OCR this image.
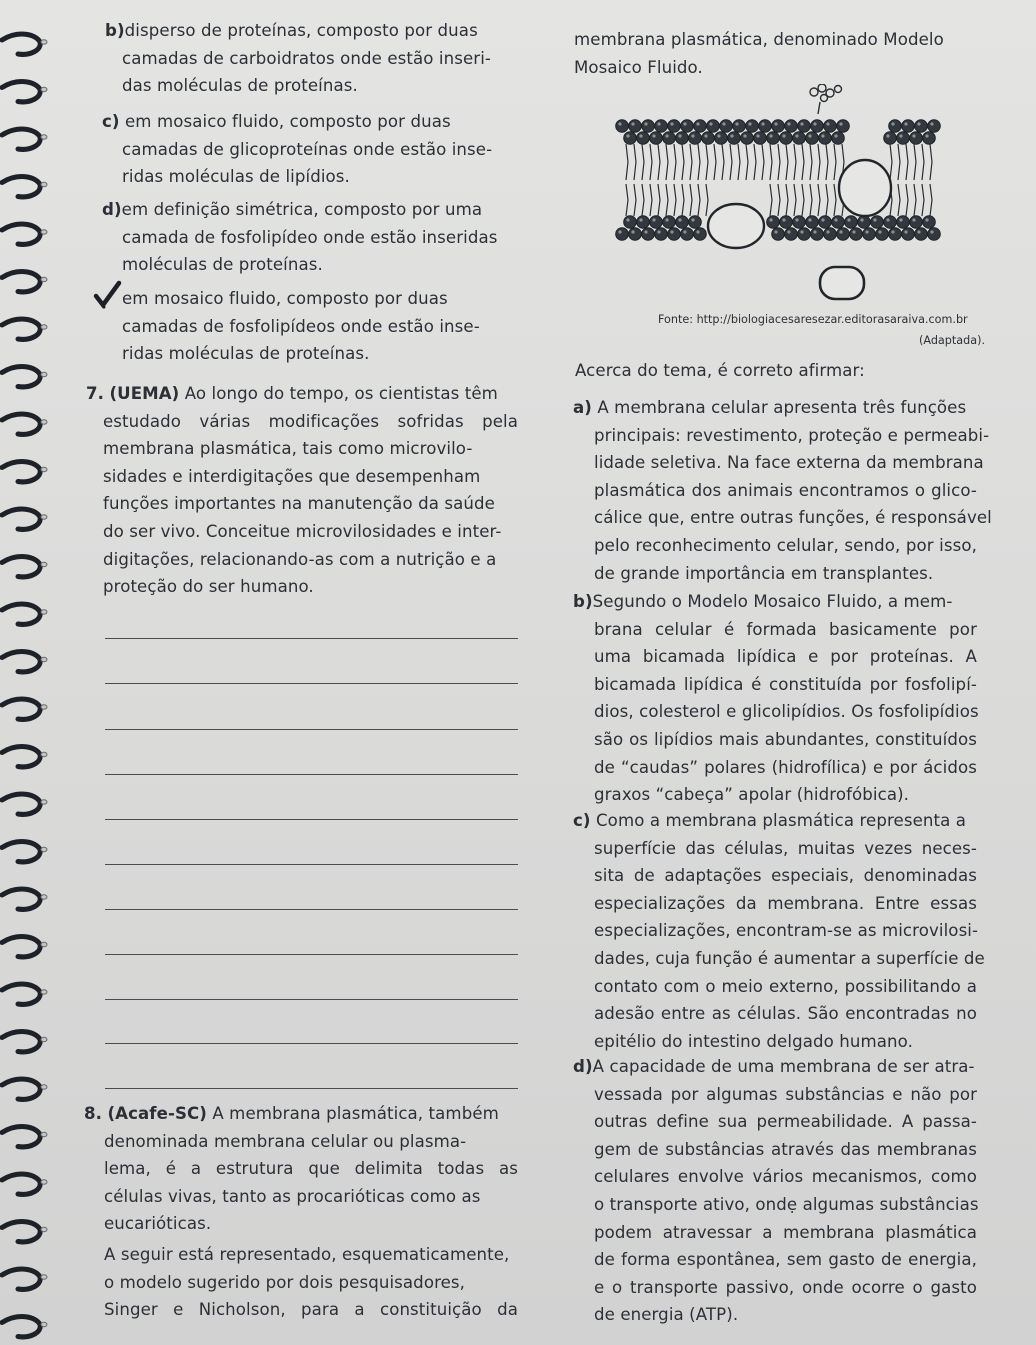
b)disperso de proteínas, composto por duas
camadas de carboidratos onde estão inseri-
das moléculas de proteínas.
c) em mosaico fluido, composto por duas
camadas de glicoproteínas onde estão inse-
ridas moléculas de lipídios.
d)em definição simétrica, composto por uma
camada de fosfolipídeo onde estão inseridas
moléculas de proteínas.
em mosaico fluido, composto por duas
camadas de fosfolipídeos onde estão inse-
ridas moléculas de proteínas.
7. (UEMA) Ao longo do tempo, os cientistas têm
estudado várias modificações sofridas pela
membrana plasmática, tais como microvilo-
sidades e interdigitações que desempenham
funções importantes na manutenção da saúde
do ser vivo. Conceitue microvilosidades e inter-
digitações, relacionando-as com a nutrição e a
proteção do ser humano.
8. (Acafe-SC) A membrana plasmática, também
denominada membrana celular ou plasma-
lema, é a estrutura que delimita todas as
células vivas, tanto as procarióticas como as
eucarióticas.
A seguir está representado, esquematicamente,
o modelo sugerido por dois pesquisadores,
Singer e Nicholson, para a constituição da
membrana plasmática, denominado Modelo
Mosaico Fluido.
Fonte: http://biologiacesaresezar.editorasaraiva.com.br
(Adaptada).
Acerca do tema, é correto afirmar:
a) A membrana celular apresenta três funções
principais: revestimento, proteção e permeabi-
lidade seletiva. Na face externa da membrana
plasmática dos animais encontramos o glico-
cálice que, entre outras funções, é responsável
pelo reconhecimento celular, sendo, por isso,
de grande importância em transplantes.
b)Segundo o Modelo Mosaico Fluido, a mem-
brana celular é formada basicamente por
uma bicamada lipídica e por proteínas. A
bicamada lipídica é constituída por fosfolipí-
dios, colesterol e glicolipídios. Os fosfolipídios
são os lipídios mais abundantes, constituídos
de “caudas” polares (hidrofílica) e por ácidos
graxos “cabeça” apolar (hidrofóbica).
c) Como a membrana plasmática representa a
superfície das células, muitas vezes neces-
sita de adaptações especiais, denominadas
especializações da membrana. Entre essas
especializações, encontram-se as microvilosi-
dades, cuja função é aumentar a superfície de
contato com o meio externo, possibilitando a
adesão entre as células. São encontradas no
epitélio do intestino delgado humano.
d)A capacidade de uma membrana de ser atra-
vessada por algumas substâncias e não por
outras define sua permeabilidade. A passa-
gem de substâncias através das membranas
celulares envolve vários mecanismos, como
o transporte ativo, ondẹ algumas substâncias
podem atravessar a membrana plasmática
de forma espontânea, sem gasto de energia,
e o transporte passivo, onde ocorre o gasto
de energia (ATP).
